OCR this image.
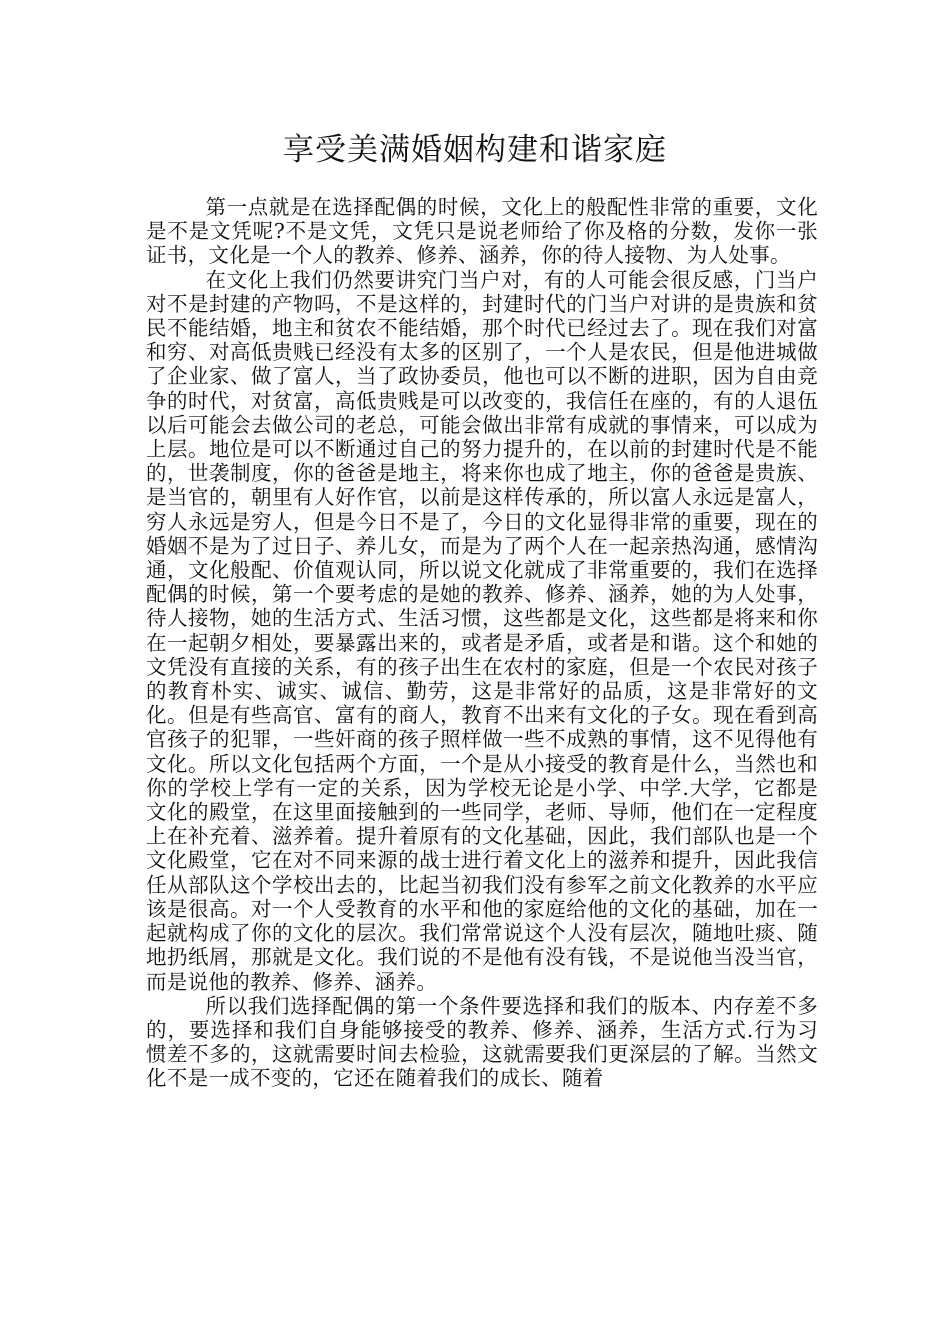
享受美满婚姻构建和谐家庭

第一点就是在选择配偶的时候，文化上的般配性非常的重要，文化是不是文凭呢?不是文凭，文凭只是说老师给了你及格的分数，发你一张证书，文化是一个人的教养、修养、涵养，你的待人接物、为人处事。

在文化上我们仍然要讲究门当户对，有的人可能会很反感，门当户对不是封建的产物吗，不是这样的，封建时代的门当户对讲的是贵族和贫民不能结婚，地主和贫农不能结婚，那个时代已经过去了。现在我们对富和穷、对高低贵贱已经没有太多的区别了，一个人是农民，但是他进城做了企业家、做了富人，当了政协委员，他也可以不断的进职，因为自由竞争的时代，对贫富，高低贵贱是可以改变的，我信任在座的，有的人退伍以后可能会去做公司的老总，可能会做出非常有成就的事情来，可以成为上层。地位是可以不断通过自己的努力提升的，在以前的封建时代是不能的，世袭制度，你的爸爸是地主，将来你也成了地主，你的爸爸是贵族、是当官的，朝里有人好作官，以前是这样传承的，所以富人永远是富人，穷人永远是穷人，但是今日不是了，今日的文化显得非常的重要，现在的婚姻不是为了过日子、养儿女，而是为了两个人在一起亲热沟通，感情沟通，文化般配、价值观认同，所以说文化就成了非常重要的，我们在选择配偶的时候，第一个要考虑的是她的教养、修养、涵养，她的为人处事，待人接物，她的生活方式、生活习惯，这些都是文化，这些都是将来和你在一起朝夕相处，要暴露出来的，或者是矛盾，或者是和谐。这个和她的文凭没有直接的关系，有的孩子出生在农村的家庭，但是一个农民对孩子的教育朴实、诚实、诚信、勤劳，这是非常好的品质，这是非常好的文化。但是有些高官、富有的商人，教育不出来有文化的子女。现在看到高官孩子的犯罪，一些奸商的孩子照样做一些不成熟的事情，这不见得他有文化。所以文化包括两个方面，一个是从小接受的教育是什么，当然也和你的学校上学有一定的关系，因为学校无论是小学、中学.大学，它都是文化的殿堂，在这里面接触到的一些同学，老师、导师，他们在一定程度上在补充着、滋养着。提升着原有的文化基础，因此，我们部队也是一个文化殿堂，它在对不同来源的战士进行着文化上的滋养和提升，因此我信任从部队这个学校出去的，比起当初我们没有参军之前文化教养的水平应该是很高。对一个人受教育的水平和他的家庭给他的文化的基础，加在一起就构成了你的文化的层次。我们常常说这个人没有层次，随地吐痰、随地扔纸屑，那就是文化。我们说的不是他有没有钱，不是说他当没当官，而是说他的教养、修养、涵养。

所以我们选择配偶的第一个条件要选择和我们的版本、内存差不多的，要选择和我们自身能够接受的教养、修养、涵养，生活方式.行为习惯差不多的，这就需要时间去检验，这就需要我们更深层的了解。当然文化不是一成不变的，它还在随着我们的成长、随着
